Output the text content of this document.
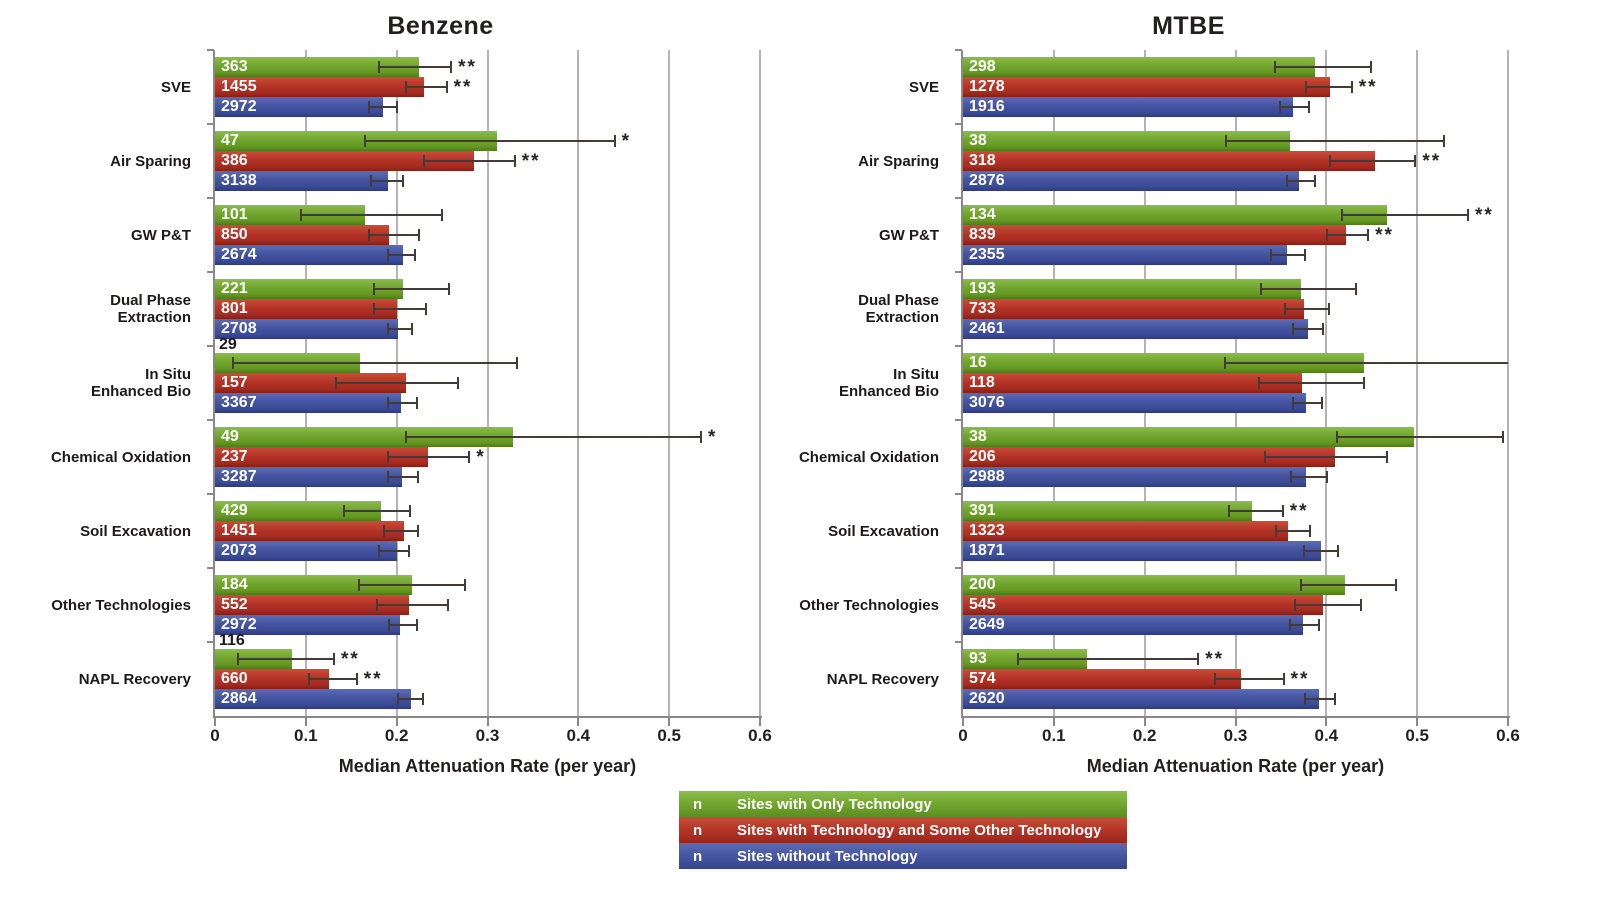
Benzene	MTBE
SVE
Air Sparing
GW P&T
Dual Phase
Extraction
In Situ
Enhanced Bio
Chemical Oxidation
Soil Excavation
Other Technologies
NAPL Recovery
SVE
Air Sparing
GW P&T
Dual Phase
Extraction
In Situ
Enhanced Bio
Chemical Oxidation
Soil Excavation
Other Technologies
NAPL Recovery
363	**
1455	**
2972
47	*
386	**
3138
101
850
2674
221
801
2708
29
157
3367
49	*
237	*
3287
429
1451
2073
184
552
2972
116
**
660	**
2864
298
1278	**
1916
38
318	**
2876
134	**
839	**
2355
193
733
2461
16
118
3076
38
206
2988
391	**
1323
1871
200
545
2649
93	**
574	**
2620
0	0.1	0.2	0.3	0.4	0.5	0.6	0	0.1	0.2	0.3	0.4	0.5	0.6
Median Attenuation Rate (per year)	Median Attenuation Rate (per year)
n	Sites with Only Technology
n	Sites with Technology and Some Other Technology
n	Sites without Technology
